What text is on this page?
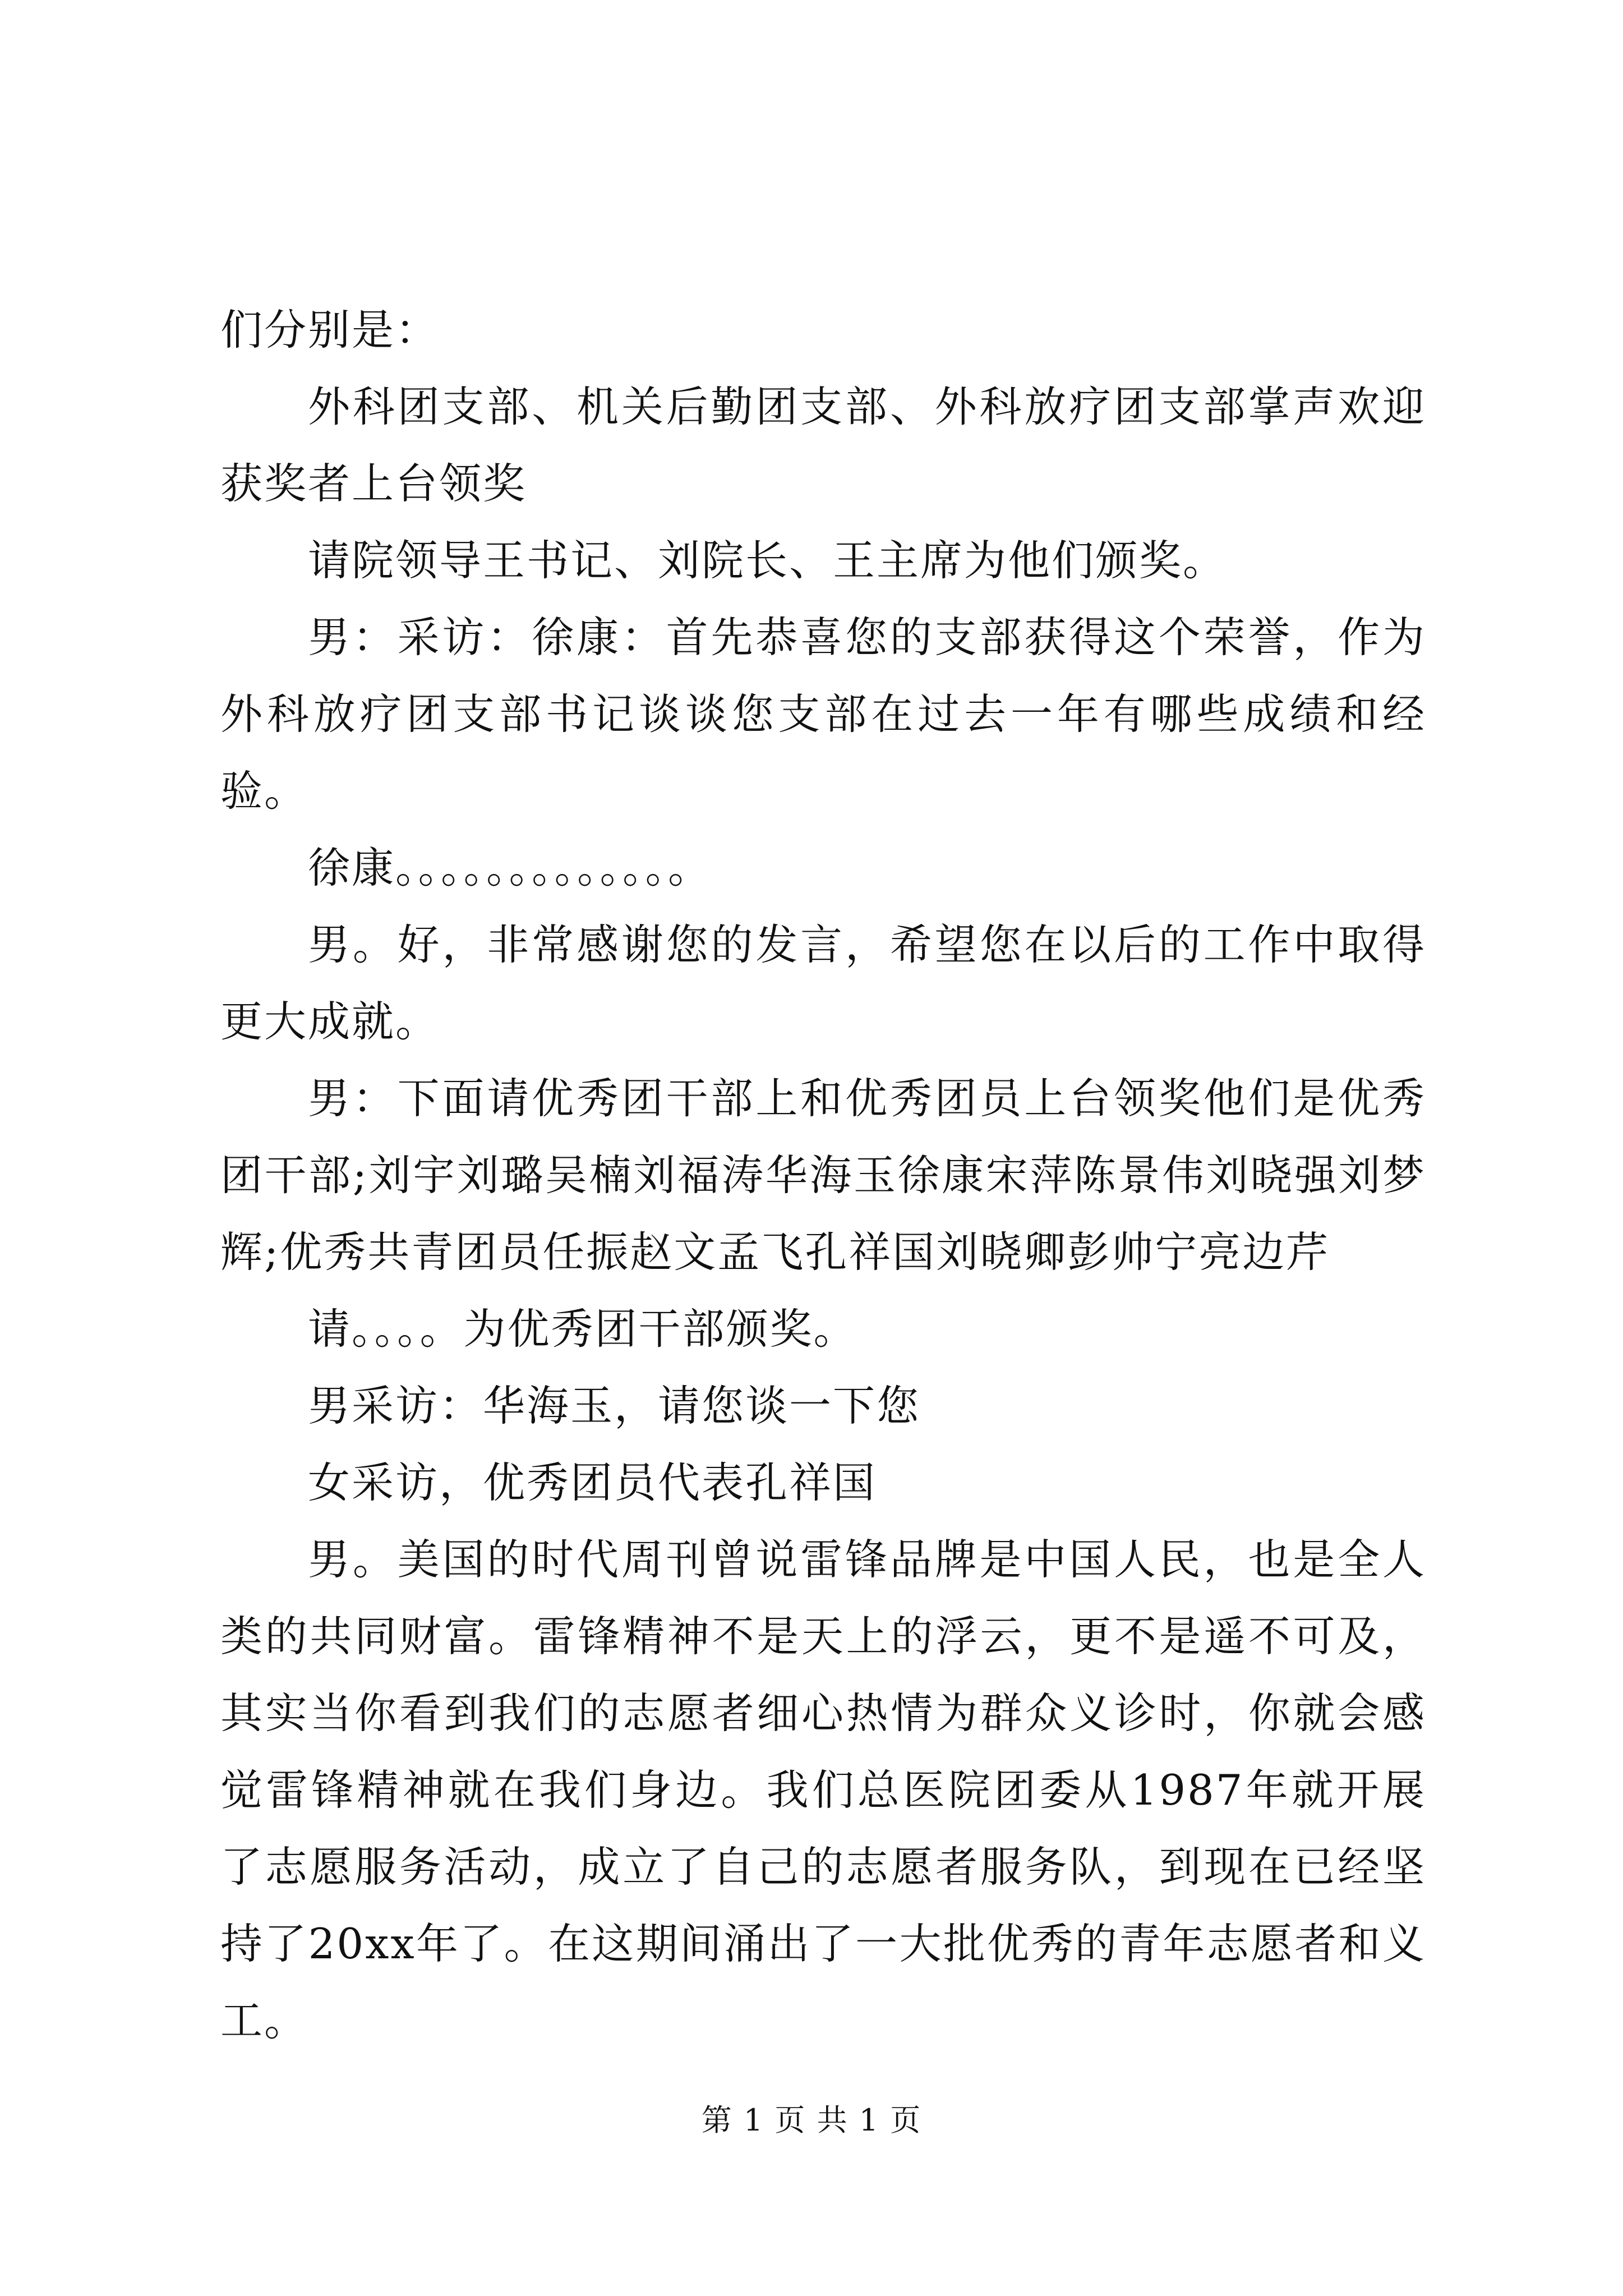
们分别是：

外科团支部、机关后勤团支部、外科放疗团支部掌声欢迎获奖者上台领奖

请院领导王书记、刘院长、王主席为他们颁奖。

男：采访：徐康：首先恭喜您的支部获得这个荣誉，作为外科放疗团支部书记谈谈您支部在过去一年有哪些成绩和经验。

徐康。。。。。。。。。。。。。

男。好，非常感谢您的发言，希望您在以后的工作中取得更大成就。

男：下面请优秀团干部上和优秀团员上台领奖他们是优秀团干部;刘宇刘璐吴楠刘福涛华海玉徐康宋萍陈景伟刘晓强刘梦辉;优秀共青团员任振赵文孟飞孔祥国刘晓卿彭帅宁亮边芹

请。。。。为优秀团干部颁奖。

男采访：华海玉，请您谈一下您

女采访，优秀团员代表孔祥国

男。美国的时代周刊曾说雷锋品牌是中国人民，也是全人类的共同财富。雷锋精神不是天上的浮云，更不是遥不可及，其实当你看到我们的志愿者细心热情为群众义诊时，你就会感觉雷锋精神就在我们身边。我们总医院团委从1987年就开展了志愿服务活动，成立了自己的志愿者服务队，到现在已经坚持了20xx年了。在这期间涌出了一大批优秀的青年志愿者和义工。

第 1 页 共 1 页
